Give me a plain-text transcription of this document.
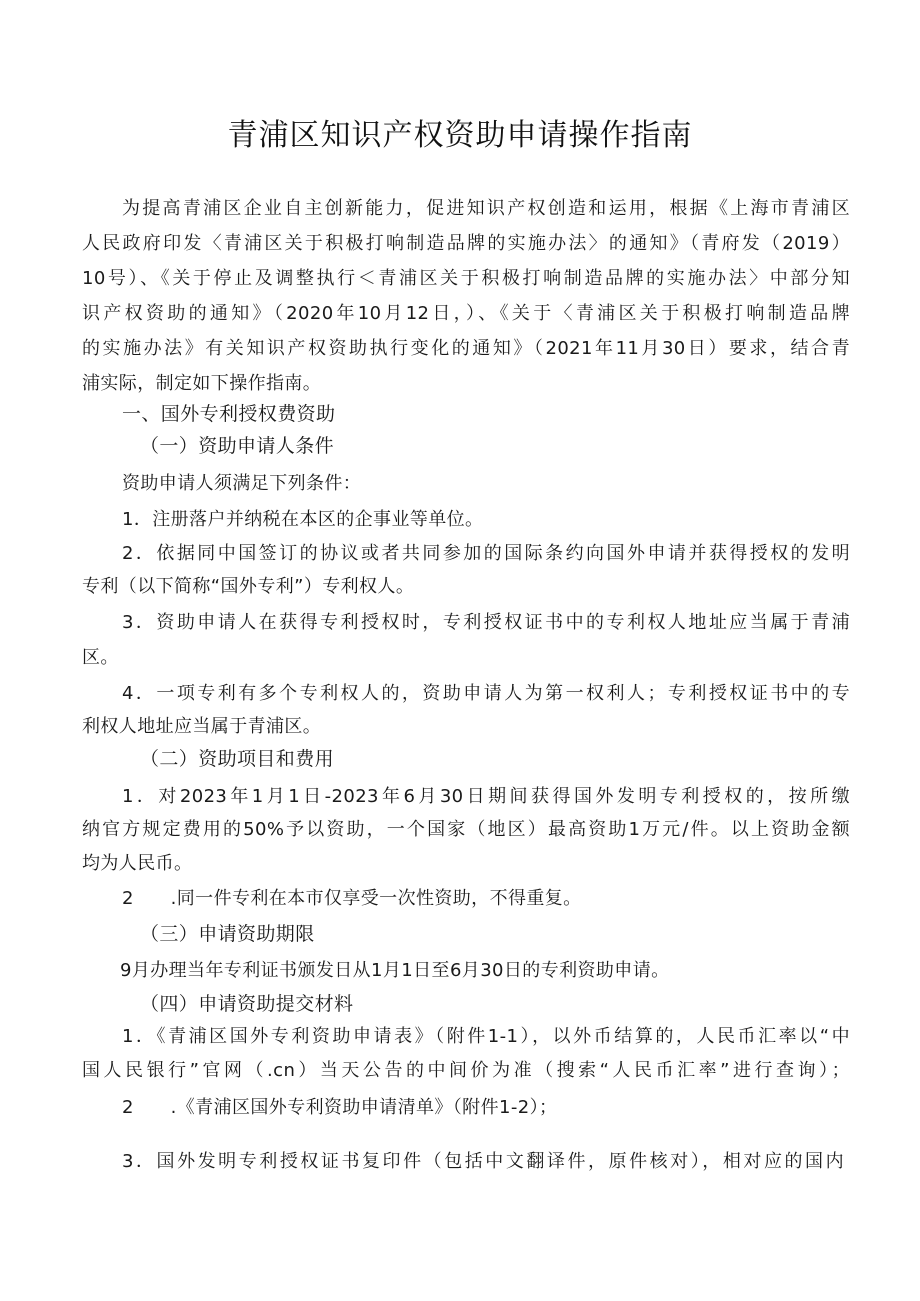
青浦区知识产权资助申请操作指南
为提高青浦区企业自主创新能力，促进知识产权创造和运用，根据《上海市青浦区
人民政府印发〈青浦区关于积极打响制造品牌的实施办法〉的通知》（青府发（2019）
10号）、《关于停止及调整执行＜青浦区关于积极打响制造品牌的实施办法〉中部分知
识产权资助的通知》（2020年10月12日，）、《关于〈青浦区关于积极打响制造品牌
的实施办法》有关知识产权资助执行变化的通知》（2021年11月30日）要求，结合青
浦实际，制定如下操作指南。
一、国外专利授权费资助
（一）资助申请人条件
资助申请人须满足下列条件：
1．注册落户并纳税在本区的企事业等单位。
2．依据同中国签订的协议或者共同参加的国际条约向国外申请并获得授权的发明
专利（以下简称“国外专利”）专利权人。
3．资助申请人在获得专利授权时，专利授权证书中的专利权人地址应当属于青浦
区。
4．一项专利有多个专利权人的，资助申请人为第一权利人；专利授权证书中的专
利权人地址应当属于青浦区。
（二）资助项目和费用
1．对2023年1月1日-2023年6月30日期间获得国外发明专利授权的，按所缴
纳官方规定费用的50%予以资助，一个国家（地区）最高资助1万元/件。以上资助金额
均为人民币。
2　　.同一件专利在本市仅享受一次性资助，不得重复。
（三）申请资助期限
9月办理当年专利证书颁发日从1月1日至6月30日的专利资助申请。
（四）申请资助提交材料
1．《青浦区国外专利资助申请表》（附件1-1），以外币结算的，人民币汇率以“中
国人民银行”官网（.cn）当天公告的中间价为准（搜索“人民币汇率”进行查询）；
2　　.《青浦区国外专利资助申请清单》（附件1-2）；
3．国外发明专利授权证书复印件（包括中文翻译件，原件核对），相对应的国内
